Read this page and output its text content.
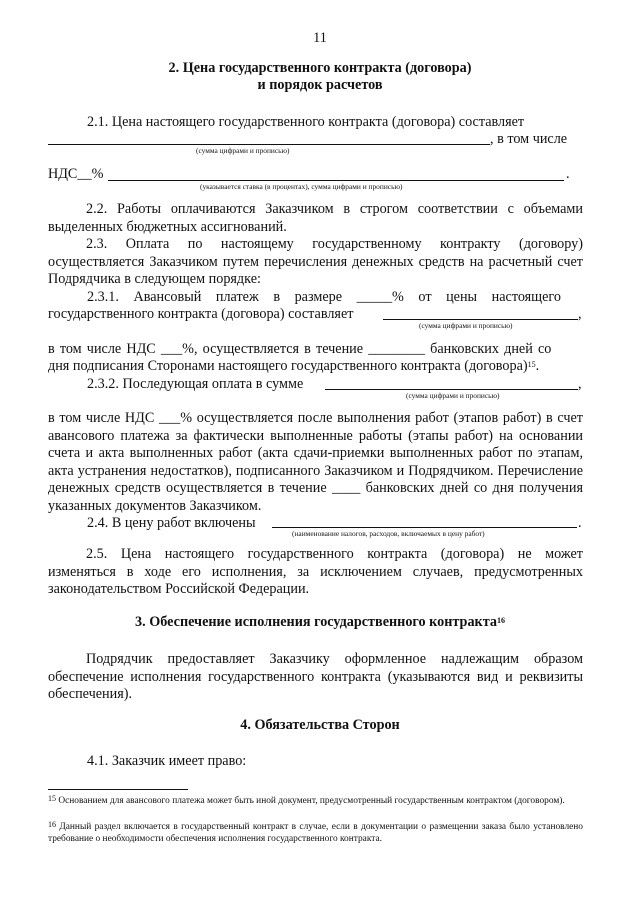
11
2. Цена государственного контракта (договора)
и порядок расчетов
2.1. Цена настоящего государственного контракта (договора) составляет
, в том числе
(сумма цифрами и прописью)
НДС__%	.
(указывается ставка (в процентах), сумма цифрами и прописью)
2.2. Работы оплачиваются Заказчиком в строгом соответствии с объемами выделенных бюджетных ассигнований.
2.3. Оплата по настоящему государственному контракту (договору) осуществляется Заказчиком путем перечисления денежных средств на расчетный счет Подрядчика в следующем порядке:
2.3.1. Авансовый платеж в размере _____% от цены настоящего
государственного контракта (договора) составляет	,
(сумма цифрами и прописью)
в том числе НДС ___%, осуществляется в течение ________ банковских дней со
дня подписания Сторонами настоящего государственного контракта (договора)$^{15}$.
2.3.2. Последующая оплата в сумме	,
(сумма цифрами и прописью)
в том числе НДС ___% осуществляется после выполнения работ (этапов работ) в счет авансового платежа за фактически выполненные работы (этапы работ) на основании счета и акта выполненных работ (акта сдачи-приемки выполненных работ по этапам, акта устранения недостатков), подписанного Заказчиком и Подрядчиком. Перечисление денежных средств осуществляется в течение ____ банковских дней со дня получения указанных документов Заказчиком.
2.4. В цену работ включены	.
(наименование налогов, расходов, включаемых в цену работ)
2.5. Цена настоящего государственного контракта (договора) не может изменяться в ходе его исполнения, за исключением случаев, предусмотренных законодательством Российской Федерации.
3. Обеспечение исполнения государственного контракта$^{16}$
Подрядчик предоставляет Заказчику оформленное надлежащим образом обеспечение исполнения государственного контракта (указываются вид и реквизиты обеспечения).
4. Обязательства Сторон
4.1. Заказчик имеет право:
$^{15}$ Основанием для авансового платежа может быть иной документ, предусмотренный государственным контрактом (договором).
$^{16}$ Данный раздел включается в государственный контракт в случае, если в документации о размещении заказа было установлено требование о необходимости обеспечения исполнения государственного контракта.
